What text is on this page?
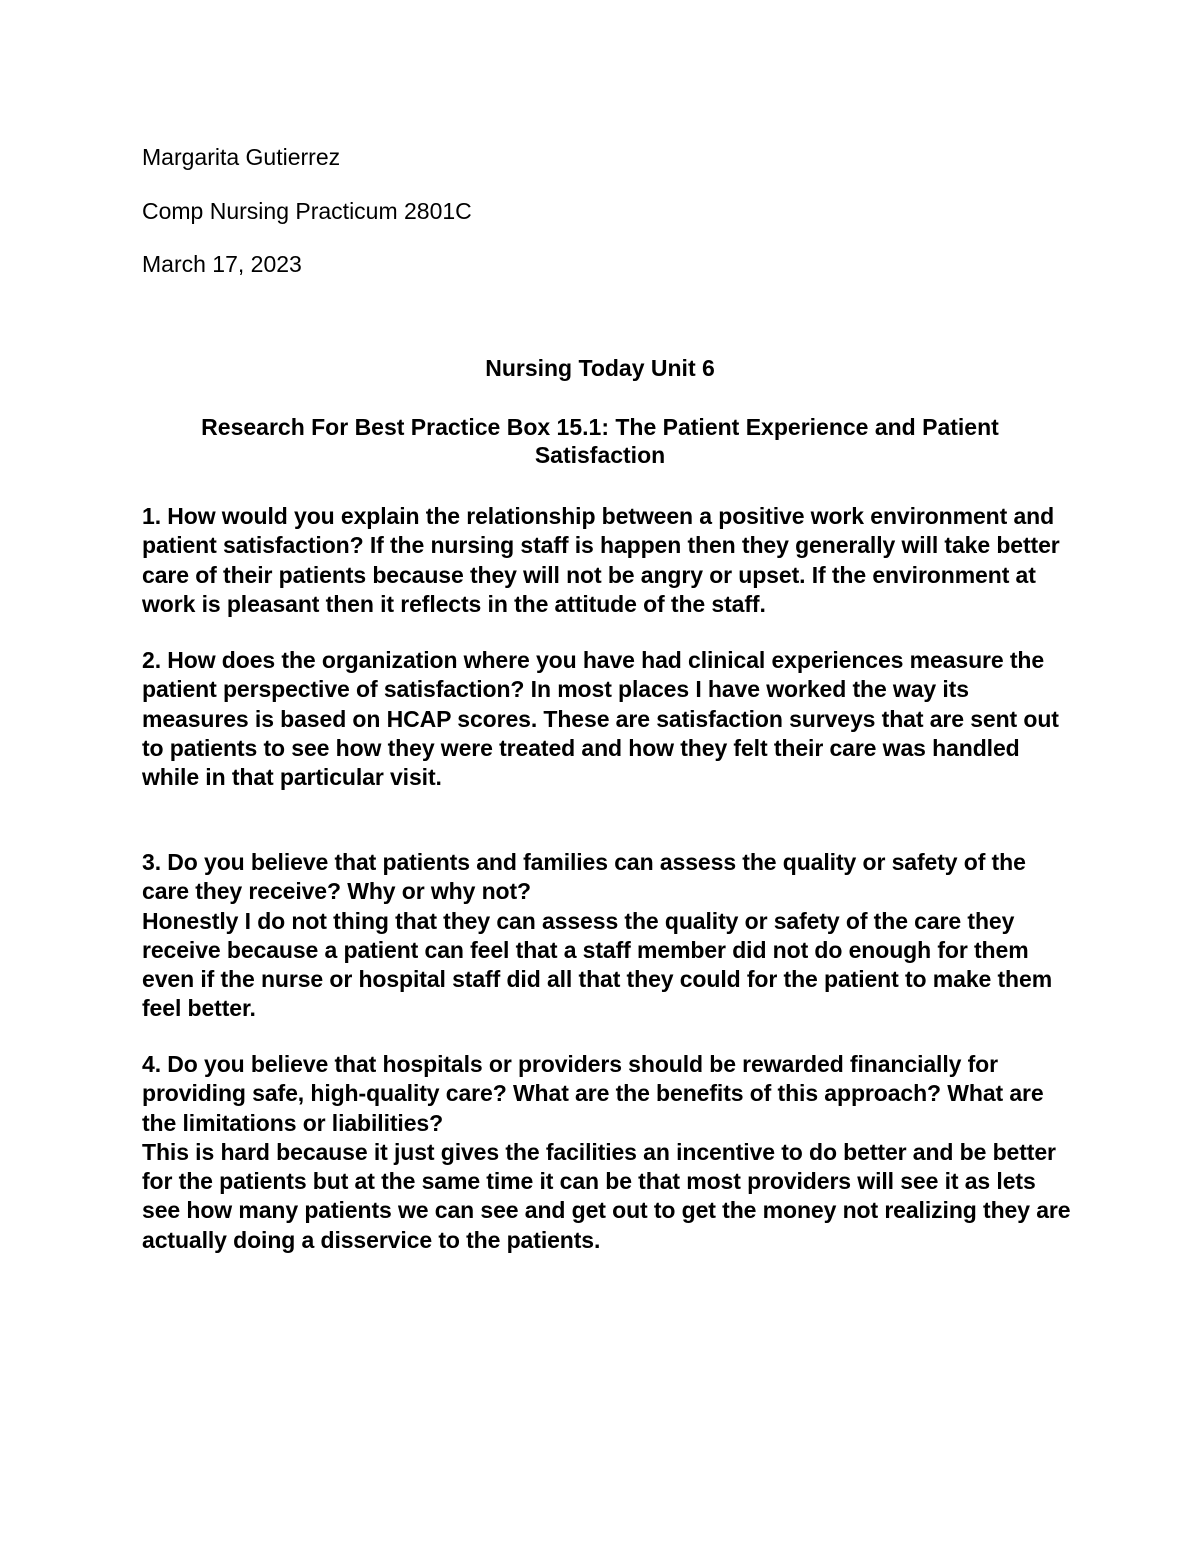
Margarita Gutierrez
Comp Nursing Practicum 2801C
March 17, 2023
Nursing Today Unit 6
Research For Best Practice Box 15.1: The Patient Experience and Patient Satisfaction

1. How would you explain the relationship between a positive work environment and patient satisfaction? If the nursing staff is happen then they generally will take better care of their patients because they will not be angry or upset. If the environment at work is pleasant then it reflects in the attitude of the staff.

2. How does the organization where you have had clinical experiences measure the patient perspective of satisfaction? In most places I have worked the way its measures is based on HCAP scores. These are satisfaction surveys that are sent out to patients to see how they were treated and how they felt their care was handled while in that particular visit.

3. Do you believe that patients and families can assess the quality or safety of the care they receive? Why or why not?

Honestly I do not thing that they can assess the quality or safety of the care they receive because a patient can feel that a staff member did not do enough for them even if the nurse or hospital staff did all that they could for the patient to make them feel better.

4. Do you believe that hospitals or providers should be rewarded financially for providing safe, high-quality care? What are the benefits of this approach? What are the limitations or liabilities?

This is hard because it just gives the facilities an incentive to do better and be better for the patients but at the same time it can be that most providers will see it as lets see how many patients we can see and get out to get the money not realizing they are actually doing a disservice to the patients.
